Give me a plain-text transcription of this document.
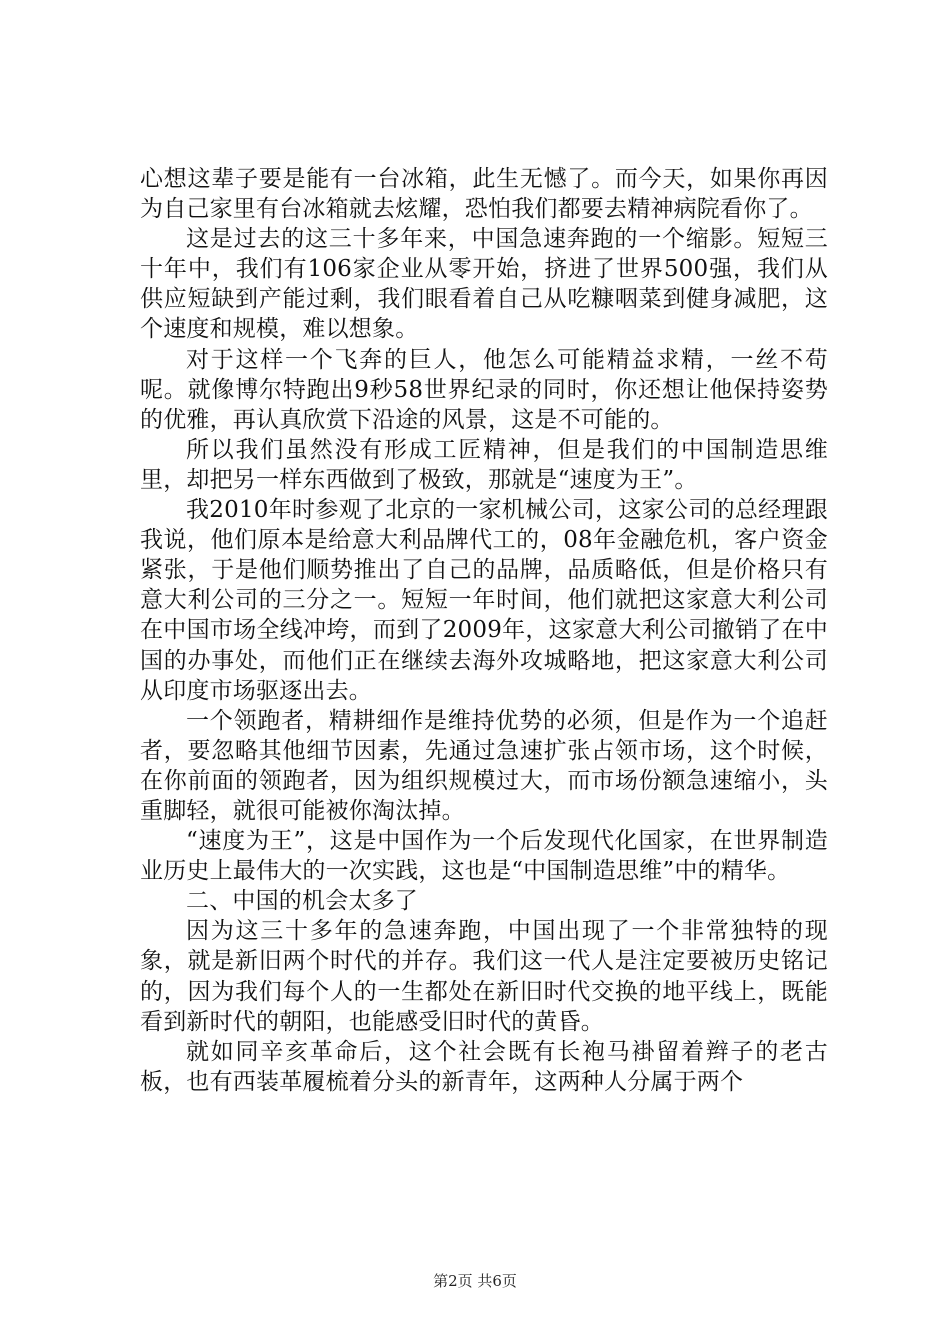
心想这辈子要是能有一台冰箱，此生无憾了。而今天，如果你再因为自己家里有台冰箱就去炫耀，恐怕我们都要去精神病院看你了。

这是过去的这三十多年来，中国急速奔跑的一个缩影。短短三十年中，我们有106家企业从零开始，挤进了世界500强，我们从供应短缺到产能过剩，我们眼看着自己从吃糠咽菜到健身减肥，这个速度和规模，难以想象。

对于这样一个飞奔的巨人，他怎么可能精益求精，一丝不苟呢。就像博尔特跑出9秒58世界纪录的同时，你还想让他保持姿势的优雅，再认真欣赏下沿途的风景，这是不可能的。

所以我们虽然没有形成工匠精神，但是我们的中国制造思维里，却把另一样东西做到了极致，那就是“速度为王”。

我2010年时参观了北京的一家机械公司，这家公司的总经理跟我说，他们原本是给意大利品牌代工的，08年金融危机，客户资金紧张，于是他们顺势推出了自己的品牌，品质略低，但是价格只有意大利公司的三分之一。短短一年时间，他们就把这家意大利公司在中国市场全线冲垮，而到了2009年，这家意大利公司撤销了在中国的办事处，而他们正在继续去海外攻城略地，把这家意大利公司从印度市场驱逐出去。

一个领跑者，精耕细作是维持优势的必须，但是作为一个追赶者，要忽略其他细节因素，先通过急速扩张占领市场，这个时候，在你前面的领跑者，因为组织规模过大，而市场份额急速缩小，头重脚轻，就很可能被你淘汰掉。

“速度为王”，这是中国作为一个后发现代化国家，在世界制造业历史上最伟大的一次实践，这也是“中国制造思维”中的精华。

二、中国的机会太多了

因为这三十多年的急速奔跑，中国出现了一个非常独特的现象，就是新旧两个时代的并存。我们这一代人是注定要被历史铭记的，因为我们每个人的一生都处在新旧时代交换的地平线上，既能看到新时代的朝阳，也能感受旧时代的黄昏。

就如同辛亥革命后，这个社会既有长袍马褂留着辫子的老古板，也有西装革履梳着分头的新青年，这两种人分属于两个

第2页 共6页
